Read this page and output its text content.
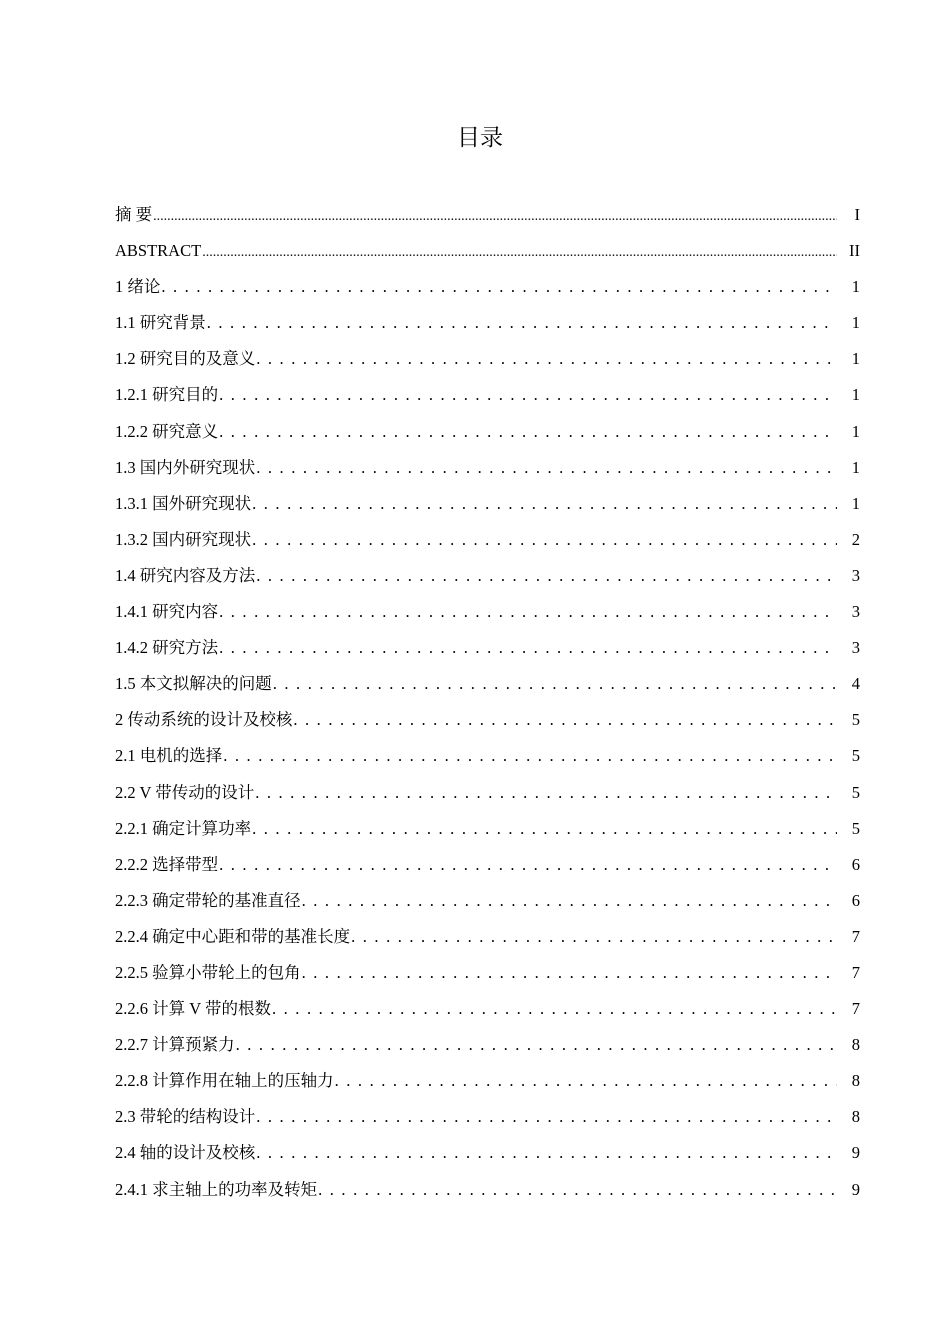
目录
摘 要 .....	I
ABSTRACT .....	II
1 绪论 . . .	1
1.1 研究背景 . . .	1
1.2 研究目的及意义 . . .	1
1.2.1 研究目的 . . .	1
1.2.2 研究意义 . . .	1
1.3 国内外研究现状 . . .	1
1.3.1 国外研究现状 . . .	1
1.3.2 国内研究现状 . . .	2
1.4 研究内容及方法 . . .	3
1.4.1 研究内容 . . .	3
1.4.2 研究方法 . . .	3
1.5 本文拟解决的问题 . . .	4
2 传动系统的设计及校核 . . .	5
2.1 电机的选择 . . .	5
2.2 V 带传动的设计 . . .	5
2.2.1 确定计算功率 . . .	5
2.2.2 选择带型 . . .	6
2.2.3 确定带轮的基准直径 . . .	6
2.2.4 确定中心距和带的基准长度 . . .	7
2.2.5 验算小带轮上的包角 . . .	7
2.2.6 计算 V 带的根数 . . .	7
2.2.7 计算预紧力 . . .	8
2.2.8 计算作用在轴上的压轴力 . . .	8
2.3 带轮的结构设计 . . .	8
2.4 轴的设计及校核 . . .	9
2.4.1 求主轴上的功率及转矩 . . .	9
